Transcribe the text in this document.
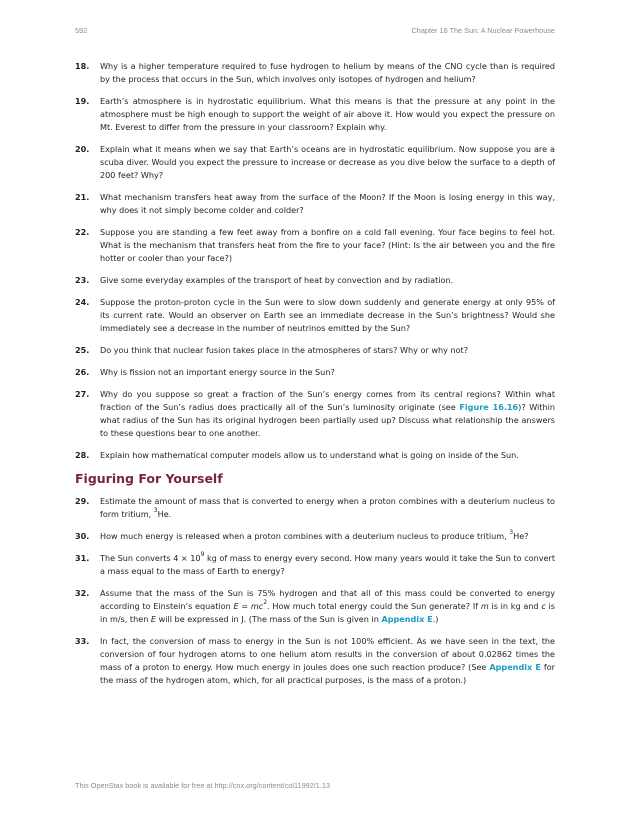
592	Chapter 16 The Sun: A Nuclear Powerhouse
18. Why is a higher temperature required to fuse hydrogen to helium by means of the CNO cycle than is required by the process that occurs in the Sun, which involves only isotopes of hydrogen and helium?
19. Earth’s atmosphere is in hydrostatic equilibrium. What this means is that the pressure at any point in the atmosphere must be high enough to support the weight of air above it. How would you expect the pressure on Mt. Everest to differ from the pressure in your classroom? Explain why.
20. Explain what it means when we say that Earth’s oceans are in hydrostatic equilibrium. Now suppose you are a scuba diver. Would you expect the pressure to increase or decrease as you dive below the surface to a depth of 200 feet? Why?
21. What mechanism transfers heat away from the surface of the Moon? If the Moon is losing energy in this way, why does it not simply become colder and colder?
22. Suppose you are standing a few feet away from a bonfire on a cold fall evening. Your face begins to feel hot. What is the mechanism that transfers heat from the fire to your face? (Hint: Is the air between you and the fire hotter or cooler than your face?)
23. Give some everyday examples of the transport of heat by convection and by radiation.
24. Suppose the proton-proton cycle in the Sun were to slow down suddenly and generate energy at only 95% of its current rate. Would an observer on Earth see an immediate decrease in the Sun’s brightness? Would she immediately see a decrease in the number of neutrinos emitted by the Sun?
25. Do you think that nuclear fusion takes place in the atmospheres of stars? Why or why not?
26. Why is fission not an important energy source in the Sun?
27. Why do you suppose so great a fraction of the Sun’s energy comes from its central regions? Within what fraction of the Sun’s radius does practically all of the Sun’s luminosity originate (see Figure 16.16)? Within what radius of the Sun has its original hydrogen been partially used up? Discuss what relationship the answers to these questions bear to one another.
28. Explain how mathematical computer models allow us to understand what is going on inside of the Sun.
Figuring For Yourself
29. Estimate the amount of mass that is converted to energy when a proton combines with a deuterium nucleus to form tritium, $^3$He.
30. How much energy is released when a proton combines with a deuterium nucleus to produce tritium, $^3$He?
31. The Sun converts $4 \times 10^9$ kg of mass to energy every second. How many years would it take the Sun to convert a mass equal to the mass of Earth to energy?
32. Assume that the mass of the Sun is 75% hydrogen and that all of this mass could be converted to energy according to Einstein’s equation $E = mc^2$. How much total energy could the Sun generate? If m is in kg and c is in m/s, then E will be expressed in J. (The mass of the Sun is given in Appendix E.)
33. In fact, the conversion of mass to energy in the Sun is not 100% efficient. As we have seen in the text, the conversion of four hydrogen atoms to one helium atom results in the conversion of about 0.02862 times the mass of a proton to energy. How much energy in joules does one such reaction produce? (See Appendix E for the mass of the hydrogen atom, which, for all practical purposes, is the mass of a proton.)
This OpenStax book is available for free at http://cnx.org/content/col11992/1.13
